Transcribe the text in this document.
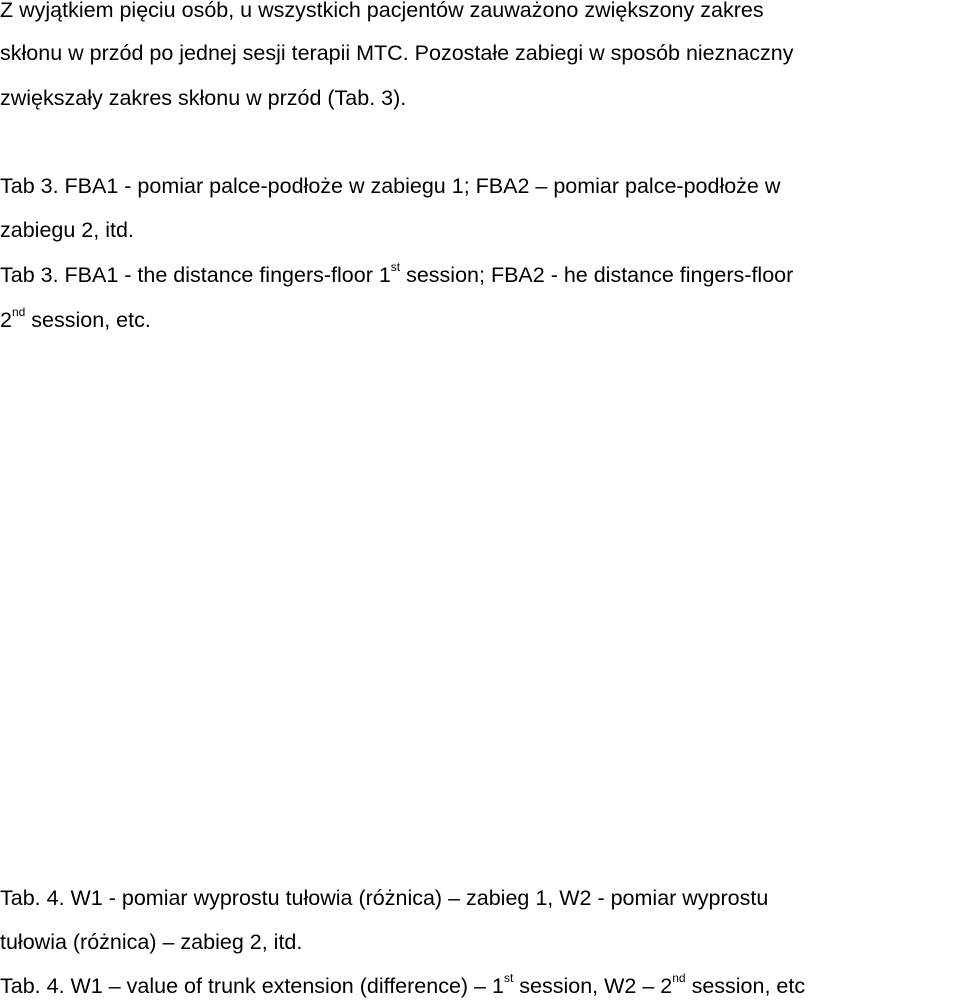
Z wyjątkiem pięciu osób, u wszystkich pacjentów zauważono zwiększony zakres

skłonu w przód po jednej sesji terapii MTC. Pozostałe zabiegi w sposób nieznaczny

zwiększały zakres skłonu w przód (Tab. 3).

Tab 3. FBA1 - pomiar palce-podłoże w zabiegu 1; FBA2 – pomiar palce-podłoże w

zabiegu 2, itd.

Tab 3. FBA1 - the distance fingers-floor 1st session; FBA2 - he distance fingers-floor

2nd session, etc.

Tab. 4. W1 - pomiar wyprostu tułowia (różnica) – zabieg 1, W2 - pomiar wyprostu

tułowia (różnica) – zabieg 2, itd.

Tab. 4. W1 – value of trunk extension (difference) – 1st session, W2 – 2nd session, etc
